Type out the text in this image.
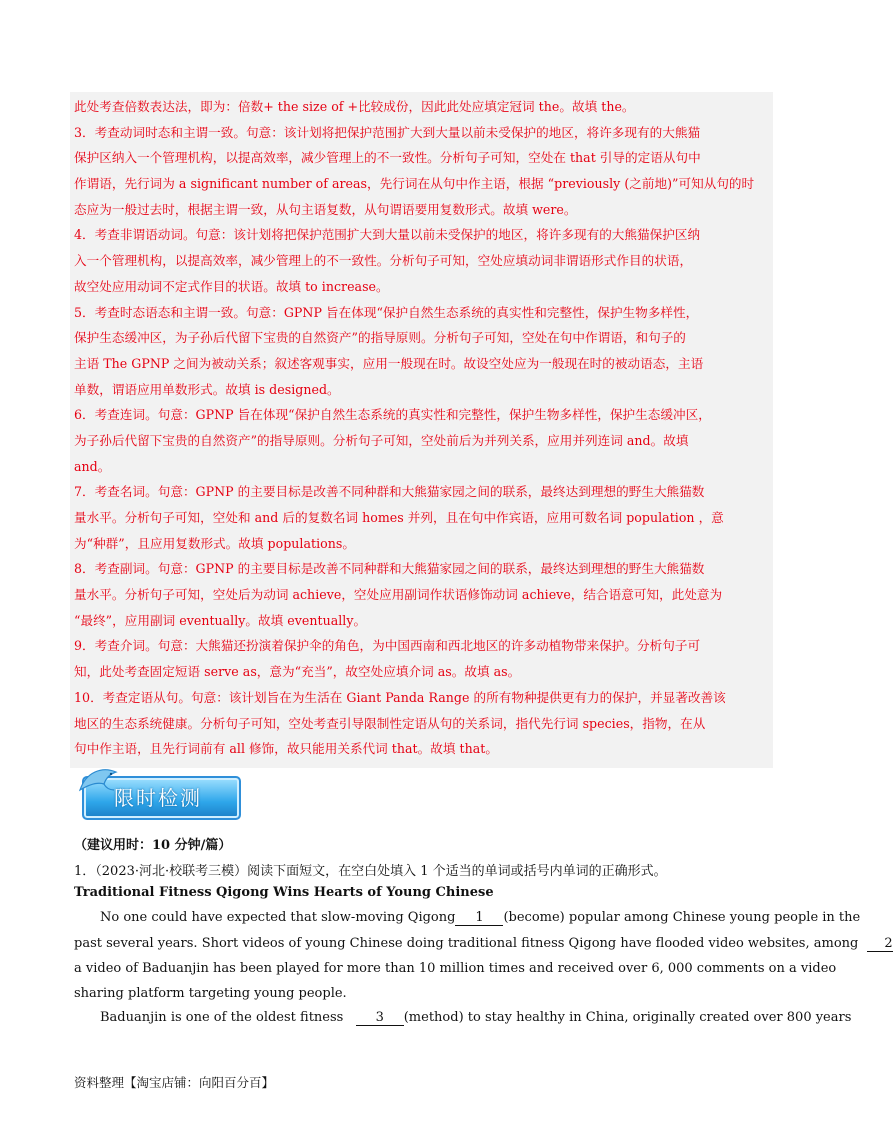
此处考查倍数表达法，即为：倍数+ the size of +比较成份，因此此处应填定冠词 the。故填 the。
3．考查动词时态和主谓一致。句意：该计划将把保护范围扩大到大量以前未受保护的地区，将许多现有的大熊猫
保护区纳入一个管理机构，以提高效率，减少管理上的不一致性。分析句子可知，空处在 that 引导的定语从句中
作谓语，先行词为 a significant number of areas，先行词在从句中作主语，根据 “previously (之前地)”可知从句的时
态应为一般过去时，根据主谓一致，从句主语复数，从句谓语要用复数形式。故填 were。
4．考查非谓语动词。句意：该计划将把保护范围扩大到大量以前未受保护的地区，将许多现有的大熊猫保护区纳
入一个管理机构，以提高效率，减少管理上的不一致性。分析句子可知，空处应填动词非谓语形式作目的状语，
故空处应用动词不定式作目的状语。故填 to increase。
5．考查时态语态和主谓一致。句意：GPNP 旨在体现“保护自然生态系统的真实性和完整性，保护生物多样性，
保护生态缓冲区，为子孙后代留下宝贵的自然资产”的指导原则。分析句子可知，空处在句中作谓语，和句子的
主语 The GPNP 之间为被动关系；叙述客观事实，应用一般现在时。故设空处应为一般现在时的被动语态，主语
单数，谓语应用单数形式。故填 is designed。
6．考查连词。句意：GPNP 旨在体现“保护自然生态系统的真实性和完整性，保护生物多样性，保护生态缓冲区，
为子孙后代留下宝贵的自然资产”的指导原则。分析句子可知，空处前后为并列关系，应用并列连词 and。故填
and。
7．考查名词。句意：GPNP 的主要目标是改善不同种群和大熊猫家园之间的联系，最终达到理想的野生大熊猫数
量水平。分析句子可知，空处和 and 后的复数名词 homes 并列，且在句中作宾语，应用可数名词 population ，意
为“种群”，且应用复数形式。故填 populations。
8．考查副词。句意：GPNP 的主要目标是改善不同种群和大熊猫家园之间的联系，最终达到理想的野生大熊猫数
量水平。分析句子可知，空处后为动词 achieve，空处应用副词作状语修饰动词 achieve，结合语意可知，此处意为
“最终”，应用副词 eventually。故填 eventually。
9．考查介词。句意：大熊猫还扮演着保护伞的角色，为中国西南和西北地区的许多动植物带来保护。分析句子可
知，此处考查固定短语 serve as，意为“充当”，故空处应填介词 as。故填 as。
10．考查定语从句。句意：该计划旨在为生活在 Giant Panda Range 的所有物种提供更有力的保护，并显著改善该
地区的生态系统健康。分析句子可知，空处考查引导限制性定语从句的关系词，指代先行词 species，指物，在从
句中作主语，且先行词前有 all 修饰，故只能用关系代词 that。故填 that。
限时检测
（建议用时：10 分钟/篇）
1．（2023·河北·校联考三模）阅读下面短文，在空白处填入 1 个适当的单词或括号内单词的正确形式。
Traditional Fitness Qigong Wins Hearts of Young Chinese
No one could have expected that slow-moving Qigong 1 (become) popular among Chinese young people in the
past several years. Short videos of young Chinese doing traditional fitness Qigong have flooded video websites, among 2
a video of Baduanjin has been played for more than 10 million times and received over 6, 000 comments on a video
sharing platform targeting young people.
Baduanjin is one of the oldest fitness 3 (method) to stay healthy in China, originally created over 800 years
资料整理【淘宝店铺：向阳百分百】
